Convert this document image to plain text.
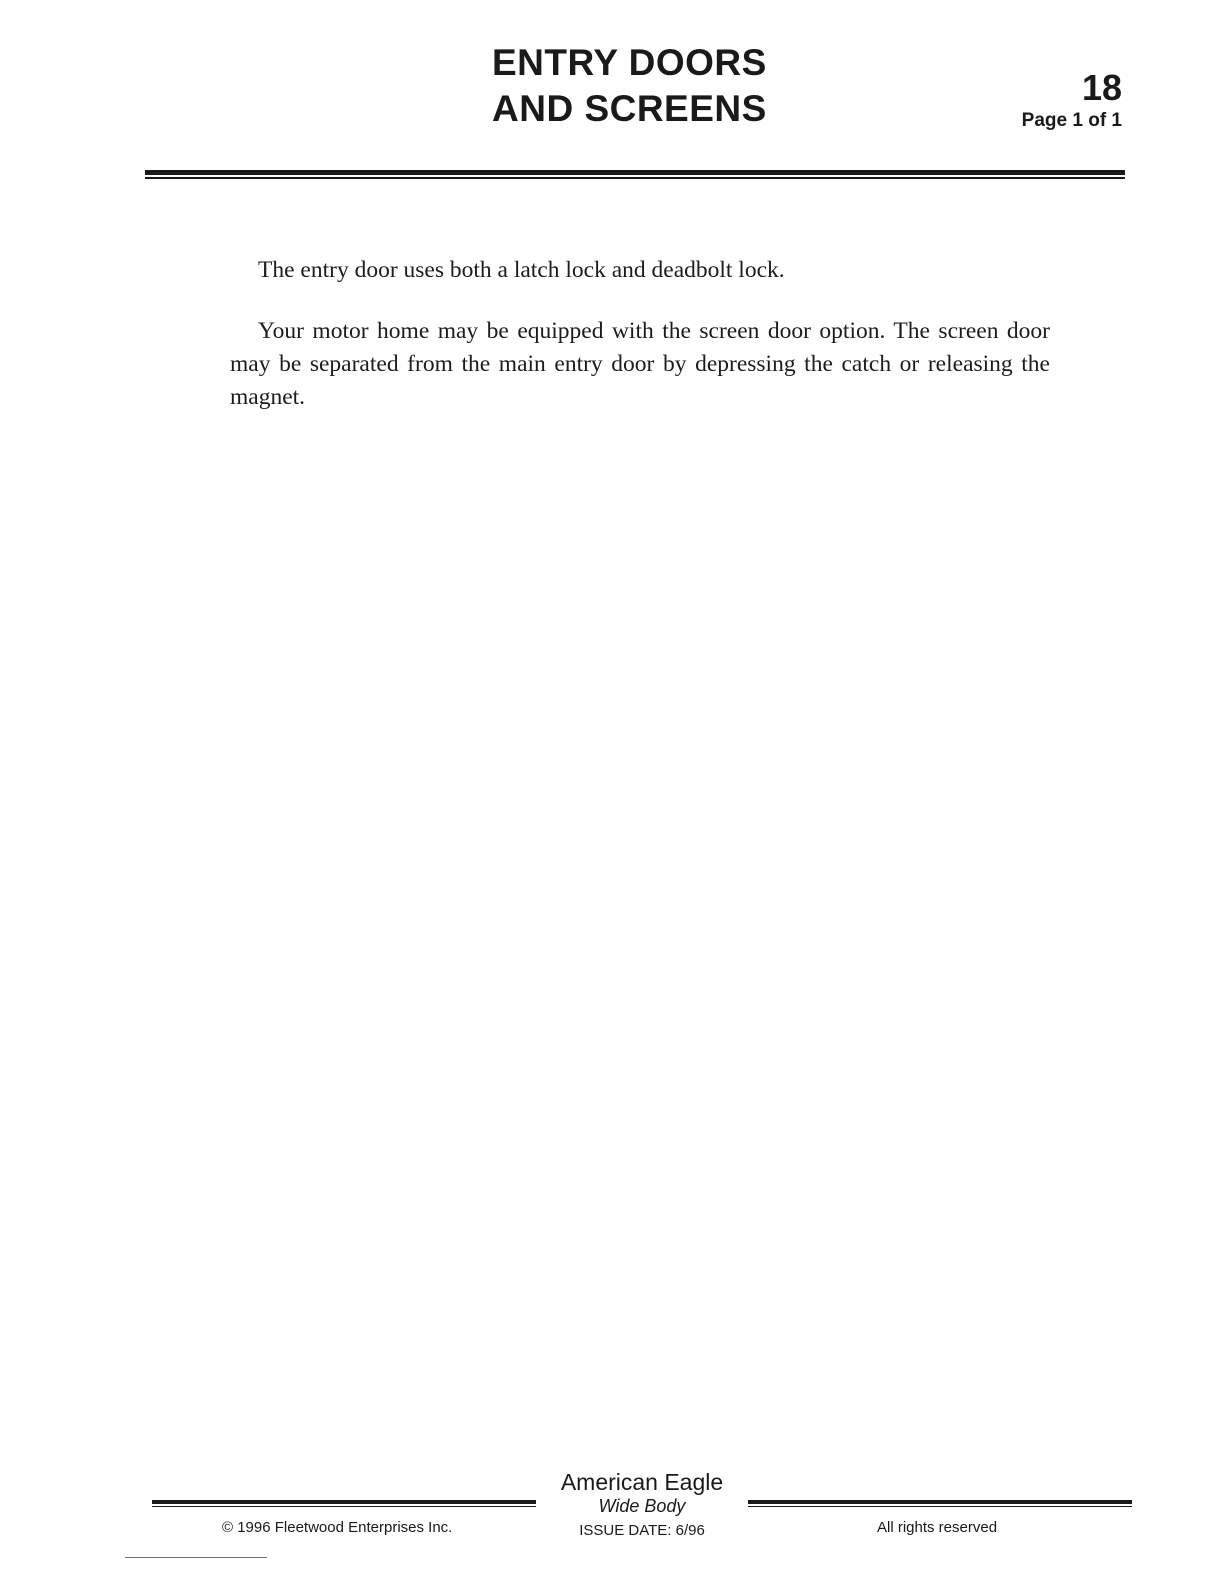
ENTRY DOORS
AND SCREENS
18
Page 1 of 1

The entry door uses both a latch lock and deadbolt lock.

Your motor home may be equipped with the screen door option. The screen door may be separated from the main entry door by depressing the catch or releasing the magnet.

American Eagle
Wide Body
ISSUE DATE: 6/96
© 1996 Fleetwood Enterprises Inc.	All rights reserved
